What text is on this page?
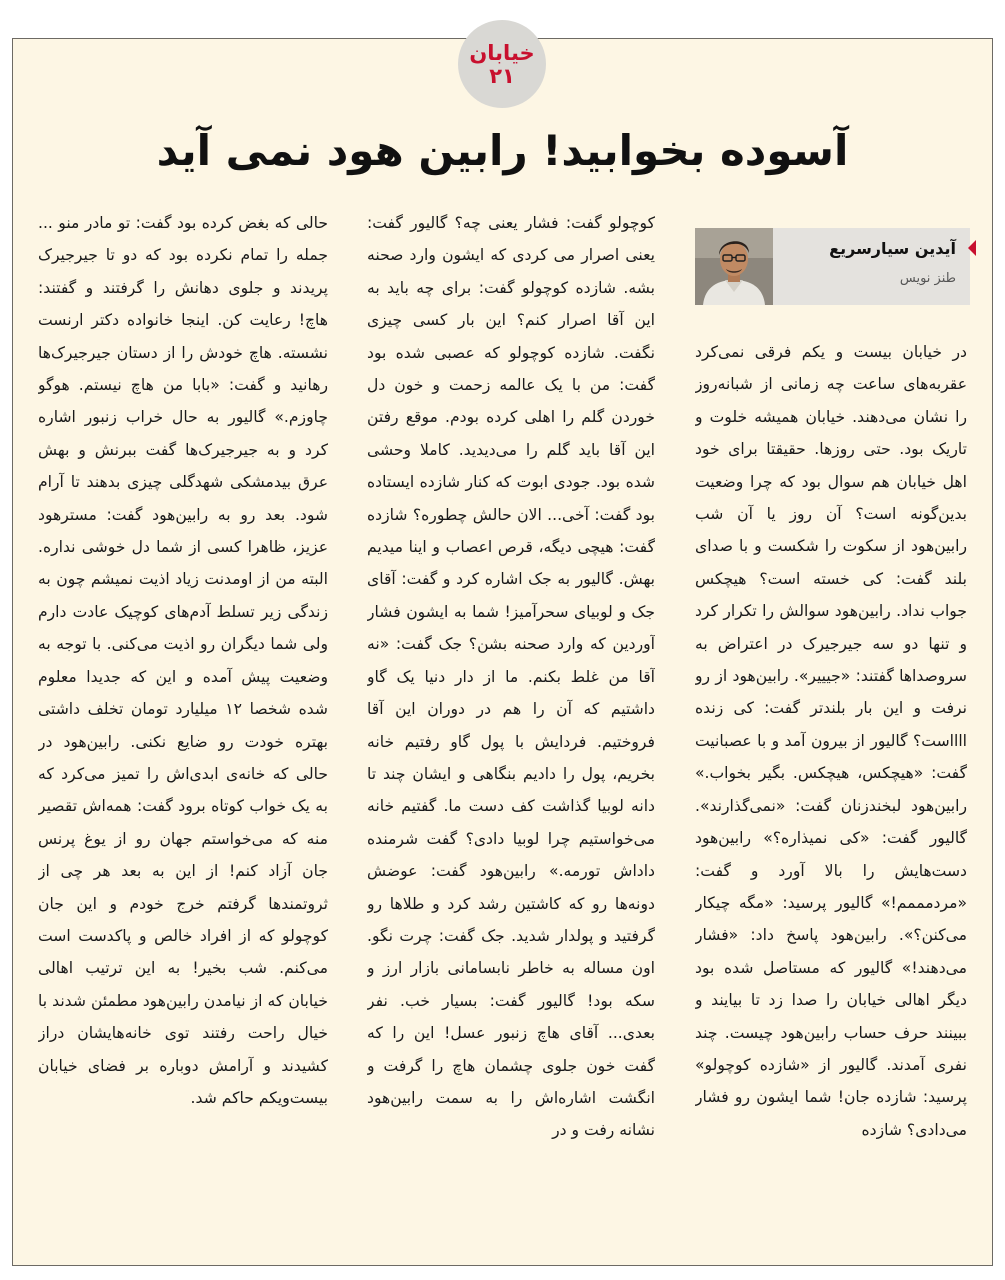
خیابان
۲۱
آسوده بخوابید! رابین هود نمی آید
آیدین سیارسریع
طنز نویس
در خیابان بیست و یکم فرقی نمی‌کرد عقربه‌های ساعت چه زمانی از شبانه‌روز را نشان می‌دهند. خیابان همیشه خلوت و تاریک بود. حتی روزها. حقیقتا برای خود اهل خیابان هم سوال بود که چرا وضعیت بدین‌گونه است؟ آن روز یا آن شب رابین‌هود از سکوت را شکست و با صدای بلند گفت: کی خسته است؟ هیچکس جواب نداد. رابین‌هود سوالش را تکرار کرد و تنها دو سه جیرجیرک در اعتراض به سروصداها گفتند: «جیییر». رابین‌هود از رو نرفت و این بار بلندتر گفت: کی زنده ااااست؟ گالیور از بیرون آمد و با عصبانیت گفت: «هیچکس، هیچکس. بگیر بخواب.» رابین‌هود لبخندزنان گفت: «نمی‌گذارند». گالیور گفت: «کی نمیذاره؟» رابین‌هود دست‌هایش را بالا آورد و گفت: «مردمممم!» گالیور پرسید: «مگه چیکار می‌کنن؟». رابین‌هود پاسخ داد: «فشار می‌دهند!» گالیور که مستاصل شده بود دیگر اهالی خیابان را صدا زد تا بیایند و ببینند حرف حساب رابین‌هود چیست. چند نفری آمدند. گالیور از «شازده کوچولو» پرسید: شازده جان! شما ایشون رو فشار می‌دادی؟ شازده
کوچولو گفت: فشار یعنی چه؟ گالیور گفت: یعنی اصرار می کردی که ایشون وارد صحنه بشه. شازده کوچولو گفت: برای چه باید به این آقا اصرار کنم؟ این بار کسی چیزی نگفت. شازده کوچولو که عصبی شده بود گفت: من با یک عالمه زحمت و خون دل خوردن گلم را اهلی کرده بودم. موقع رفتن این آقا باید گلم را می‌دیدید. کاملا وحشی شده بود. جودی ابوت که کنار شازده ایستاده بود گفت: آخی... الان حالش چطوره؟ شازده گفت: هیچی دیگه، قرص اعصاب و اینا میدیم بهش. گالیور به جک اشاره کرد و گفت: آقای جک و لوبیای سحرآمیز! شما به ایشون فشار آوردین که وارد صحنه بشن؟ جک گفت: «نه آقا من غلط بکنم. ما از دار دنیا یک گاو داشتیم که آن را هم در دوران این آقا فروختیم. فردایش با پول گاو رفتیم خانه بخریم، پول را دادیم بنگاهی و ایشان چند تا دانه لوبیا گذاشت کف دست ما. گفتیم خانه می‌خواستیم چرا لوبیا دادی؟ گفت شرمنده داداش تورمه.» رابین‌هود گفت: عوضش دونه‌ها رو که کاشتین رشد کرد و طلاها رو گرفتید و پولدار شدید. جک گفت: چرت نگو. اون مساله به خاطر نابسامانی بازار ارز و سکه بود! گالیور گفت: بسیار خب. نفر بعدی... آقای هاچ زنبور عسل! این را که گفت خون جلوی چشمان هاچ را گرفت و انگشت اشاره‌اش را به سمت رابین‌هود نشانه رفت و در
حالی که بغض کرده بود گفت: تو مادر منو ... جمله را تمام نکرده بود که دو تا جیرجیرک پریدند و جلوی دهانش را گرفتند و گفتند: هاچ! رعایت کن. اینجا خانواده دکتر ارنست نشسته. هاچ خودش را از دستان جیرجیرک‌ها رهانید و گفت: «بابا من هاچ نیستم. هوگو چاوزم.» گالیور به حال خراب زنبور اشاره کرد و به جیرجیرک‌ها گفت ببرنش و بهش عرق بیدمشکی شهدگلی چیزی بدهند تا آرام شود. بعد رو به رابین‌هود گفت: مسترهود عزیز، ظاهرا کسی از شما دل خوشی نداره. البته من از اومدنت زیاد اذیت نمیشم چون به زندگی زیر تسلط آدم‌های کوچیک عادت دارم ولی شما دیگران رو اذیت می‌کنی. با توجه به وضعیت پیش آمده و این که جدیدا معلوم شده شخصا ۱۲ میلیارد تومان تخلف داشتی بهتره خودت رو ضایع نکنی. رابین‌هود در حالی که خانه‌ی ابدی‌اش را تمیز می‌کرد که به یک خواب کوتاه برود گفت: همه‌اش تقصیر منه که می‌خواستم جهان رو از یوغ پرنس جان آزاد کنم! از این به بعد هر چی از ثروتمندها گرفتم خرج خودم و این جان کوچولو که از افراد خالص و پاکدست است می‌کنم. شب بخیر! به این ترتیب اهالی خیابان که از نیامدن رابین‌هود مطمئن شدند با خیال راحت رفتند توی خانه‌هایشان دراز کشیدند و آرامش دوباره بر فضای خیابان بیست‌ویکم حاکم شد.
